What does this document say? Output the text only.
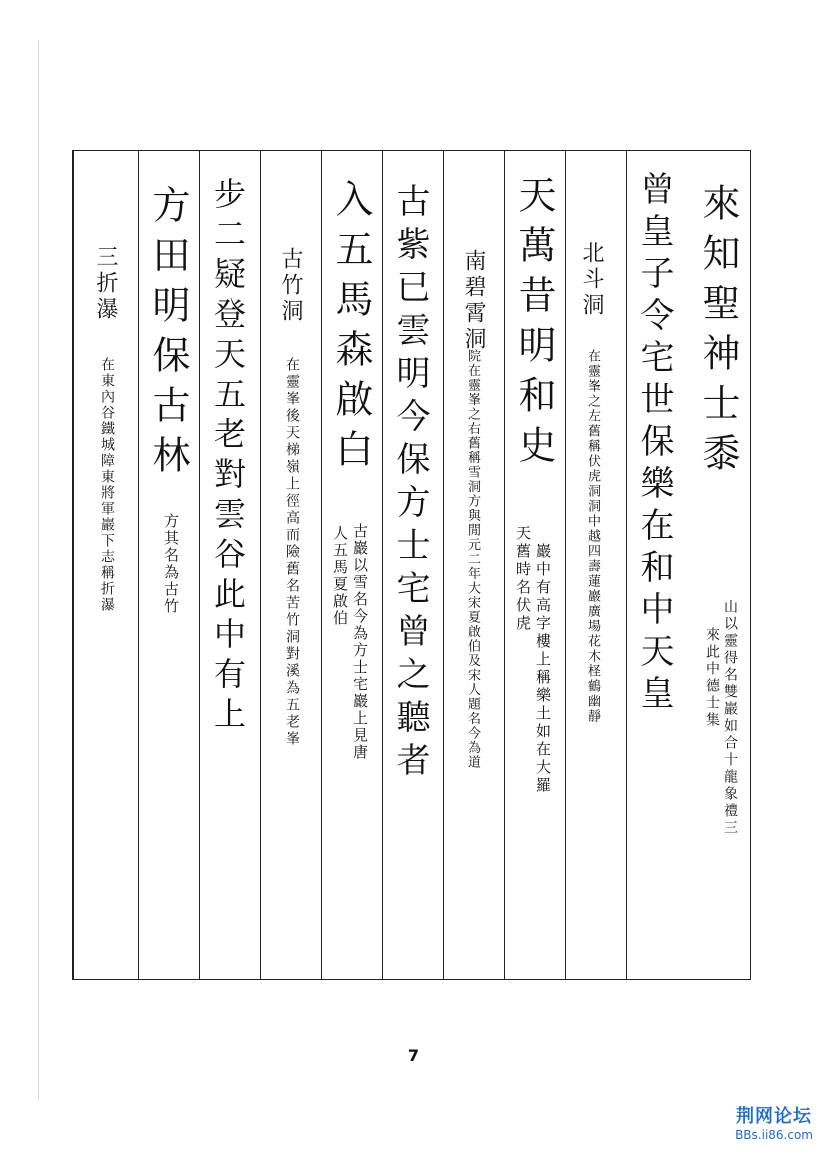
來知聖神士黍
山以靈得名雙巖如合十龍象禮三
來此中德士集
曾皇子令宅世保樂在和中天皇
北斗洞
在靈峯之左舊稱伏虎洞洞中越四壽蓮巖廣場花木柽鶴幽靜
天萬昔明和史
巖中有高字樓上稱樂土如在大羅
天舊時名伏虎
南碧霄洞
院在靈峯之右舊稱雪洞方與閒元二年大宋夏啟伯及宋人題名今為道
古紫已雲明今保方士宅曾之聽者
入五馬森啟白
古巖以雪名今為方士宅巖上見唐
人五馬夏啟伯
古竹洞
在靈峯後天梯嶺上徑高而險舊名苦竹洞對溪為五老峯
步二疑登天五老對雲谷此中有上
方田明保古林
方其名為古竹
三折瀑
在東內谷鐵城障東將軍巖下志稱折瀑
7
荆网论坛
BBs.ii86.com
